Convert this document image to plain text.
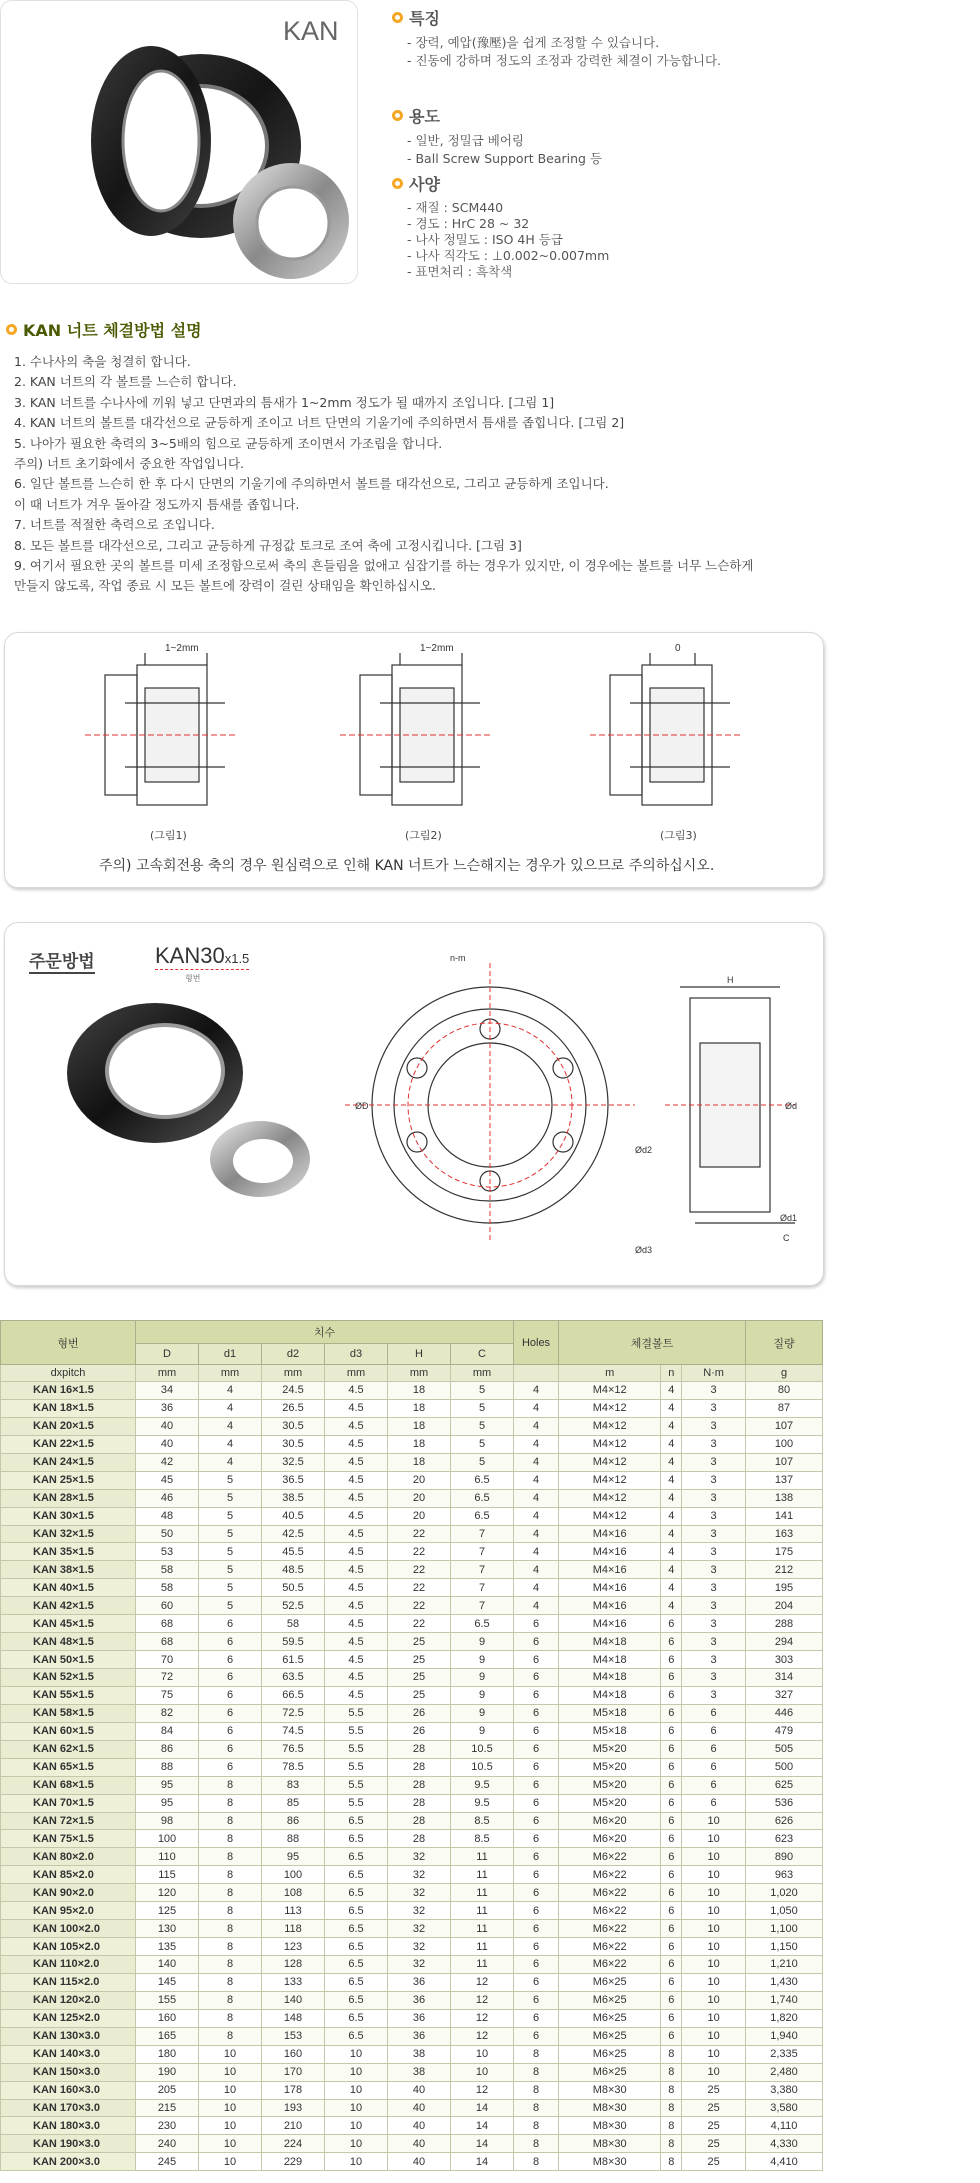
KAN	특징
- 장력, 예압(豫壓)을 쉽게 조정할 수 있습니다.
- 진동에 강하며 정도의 조정과 강력한 체결이 가능합니다.
용도
- 일반, 정밀급 베어링
- Ball Screw Support Bearing 등
사양
- 재질 : SCM440
- 경도 : HrC 28 ~ 32
- 나사 정밀도 : ISO 4H 등급
- 나사 직각도 : ⊥0.002~0.007mm
- 표면처리 : 흑착색
KAN 너트 체결방법 설명
1. 수나사의 축을 청결히 합니다.
2. KAN 너트의 각 볼트를 느슨히 합니다.
3. KAN 너트를 수나사에 끼워 넣고 단면과의 틈새가 1~2mm 정도가 될 때까지 조입니다. [그림 1]
4. KAN 너트의 볼트를 대각선으로 균등하게 조이고 너트 단면의 기울기에 주의하면서 틈새를 좁힙니다. [그림 2]
5. 나아가 필요한 축력의 3~5배의 힘으로 균등하게 조이면서 가조립을 합니다.
주의) 너트 초기화에서 중요한 작업입니다.
6. 일단 볼트를 느슨히 한 후 다시 단면의 기울기에 주의하면서 볼트를 대각선으로, 그리고 균등하게 조입니다.
이 때 너트가 겨우 돌아갈 정도까지 틈새를 좁힙니다.
7. 너트를 적절한 축력으로 조입니다.
8. 모든 볼트를 대각선으로, 그리고 균등하게 규정값 토크로 조여 축에 고정시킵니다. [그림 3]
9. 여기서 필요한 곳의 볼트를 미세 조정함으로써 축의 흔들림을 없애고 심잡기를 하는 경우가 있지만, 이 경우에는 볼트를 너무 느슨하게
만들지 않도록, 작업 종료 시 모든 볼트에 장력이 걸린 상태임을 확인하십시오.
1~2mm	1~2mm	0
(그림1)	(그림2)	(그림3)
주의) 고속회전용 축의 경우 원심력으로 인해 KAN 너트가 느슨해지는 경우가 있으므로 주의하십시오.
주문방법	KAN30x1.5
형번
n-m
ØD
Ød2
Ød3
H
Ød
Ød1
C
형번	치수						Holes	체결볼트			질량
	D	d1	d2	d3	H	C					
dxpitch	mm	mm	mm	mm	mm	mm		m	n	N·m	g
KAN 16×1.5	34	4	24.5	4.5	18	5	4	M4×12	4	3	80
KAN 18×1.5	36	4	26.5	4.5	18	5	4	M4×12	4	3	87
KAN 20×1.5	40	4	30.5	4.5	18	5	4	M4×12	4	3	107
KAN 22×1.5	40	4	30.5	4.5	18	5	4	M4×12	4	3	100
KAN 24×1.5	42	4	32.5	4.5	18	5	4	M4×12	4	3	107
KAN 25×1.5	45	5	36.5	4.5	20	6.5	4	M4×12	4	3	137
KAN 28×1.5	46	5	38.5	4.5	20	6.5	4	M4×12	4	3	138
KAN 30×1.5	48	5	40.5	4.5	20	6.5	4	M4×12	4	3	141
KAN 32×1.5	50	5	42.5	4.5	22	7	4	M4×16	4	3	163
KAN 35×1.5	53	5	45.5	4.5	22	7	4	M4×16	4	3	175
KAN 38×1.5	58	5	48.5	4.5	22	7	4	M4×16	4	3	212
KAN 40×1.5	58	5	50.5	4.5	22	7	4	M4×16	4	3	195
KAN 42×1.5	60	5	52.5	4.5	22	7	4	M4×16	4	3	204
KAN 45×1.5	68	6	58	4.5	22	6.5	6	M4×16	6	3	288
KAN 48×1.5	68	6	59.5	4.5	25	9	6	M4×18	6	3	294
KAN 50×1.5	70	6	61.5	4.5	25	9	6	M4×18	6	3	303
KAN 52×1.5	72	6	63.5	4.5	25	9	6	M4×18	6	3	314
KAN 55×1.5	75	6	66.5	4.5	25	9	6	M4×18	6	3	327
KAN 58×1.5	82	6	72.5	5.5	26	9	6	M5×18	6	6	446
KAN 60×1.5	84	6	74.5	5.5	26	9	6	M5×18	6	6	479
KAN 62×1.5	86	6	76.5	5.5	28	10.5	6	M5×20	6	6	505
KAN 65×1.5	88	6	78.5	5.5	28	10.5	6	M5×20	6	6	500
KAN 68×1.5	95	8	83	5.5	28	9.5	6	M5×20	6	6	625
KAN 70×1.5	95	8	85	5.5	28	9.5	6	M5×20	6	6	536
KAN 72×1.5	98	8	86	6.5	28	8.5	6	M6×20	6	10	626
KAN 75×1.5	100	8	88	6.5	28	8.5	6	M6×20	6	10	623
KAN 80×2.0	110	8	95	6.5	32	11	6	M6×22	6	10	890
KAN 85×2.0	115	8	100	6.5	32	11	6	M6×22	6	10	963
KAN 90×2.0	120	8	108	6.5	32	11	6	M6×22	6	10	1,020
KAN 95×2.0	125	8	113	6.5	32	11	6	M6×22	6	10	1,050
KAN 100×2.0	130	8	118	6.5	32	11	6	M6×22	6	10	1,100
KAN 105×2.0	135	8	123	6.5	32	11	6	M6×22	6	10	1,150
KAN 110×2.0	140	8	128	6.5	32	11	6	M6×22	6	10	1,210
KAN 115×2.0	145	8	133	6.5	36	12	6	M6×25	6	10	1,430
KAN 120×2.0	155	8	140	6.5	36	12	6	M6×25	6	10	1,740
KAN 125×2.0	160	8	148	6.5	36	12	6	M6×25	6	10	1,820
KAN 130×3.0	165	8	153	6.5	36	12	6	M6×25	6	10	1,940
KAN 140×3.0	180	10	160	10	38	10	8	M6×25	8	10	2,335
KAN 150×3.0	190	10	170	10	38	10	8	M6×25	8	10	2,480
KAN 160×3.0	205	10	178	10	40	12	8	M8×30	8	25	3,380
KAN 170×3.0	215	10	193	10	40	14	8	M8×30	8	25	3,580
KAN 180×3.0	230	10	210	10	40	14	8	M8×30	8	25	4,110
KAN 190×3.0	240	10	224	10	40	14	8	M8×30	8	25	4,330
KAN 200×3.0	245	10	229	10	40	14	8	M8×30	8	25	4,410
